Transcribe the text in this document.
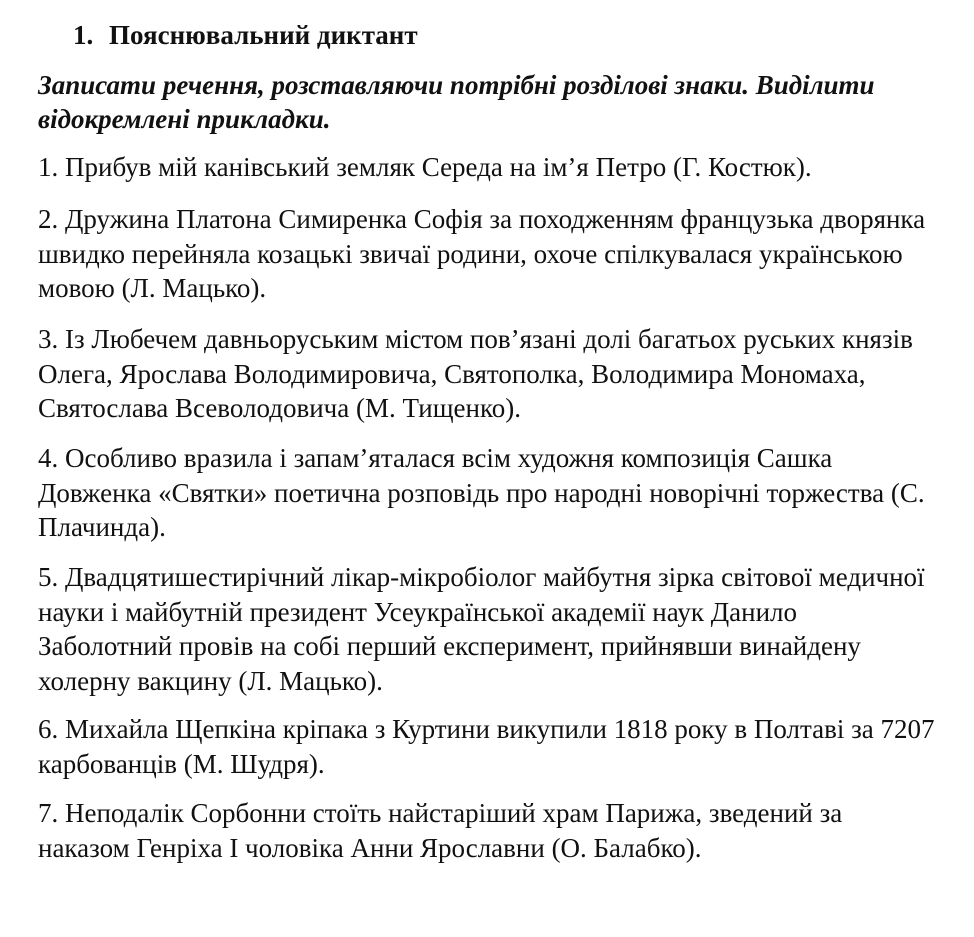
1. Пояснювальний диктант
Записати речення, розставляючи потрібні розділові знаки. Виділити
відокремлені прикладки.
1. Прибув мій канівський земляк Середа на ім’я Петро (Г. Костюк).
2. Дружина Платона Симиренка Софія за походженням французька дворянка
швидко перейняла козацькі звичаї родини, охоче спілкувалася українською
мовою (Л. Мацько).
3. Із Любечем давньоруським містом пов’язані долі багатьох руських князів
Олега, Ярослава Володимировича, Святополка, Володимира Мономаха,
Святослава Всеволодовича (М. Тищенко).
4. Особливо вразила і запам’яталася всім художня композиція Сашка
Довженка «Святки» поетична розповідь про народні новорічні торжества (С.
Плачинда).
5. Двадцятишестирічний лікар-мікробіолог майбутня зірка світової медичної
науки і майбутній президент Усеукраїнської академії наук Данило
Заболотний провів на собі перший експеримент, прийнявши винайдену
холерну вакцину (Л. Мацько).
6. Михайла Щепкіна кріпака з Куртини викупили 1818 року в Полтаві за 7207
карбованців (М. Шудря).
7. Неподалік Сорбонни стоїть найстаріший храм Парижа, зведений за
наказом Генріха І чоловіка Анни Ярославни (О. Балабко).
